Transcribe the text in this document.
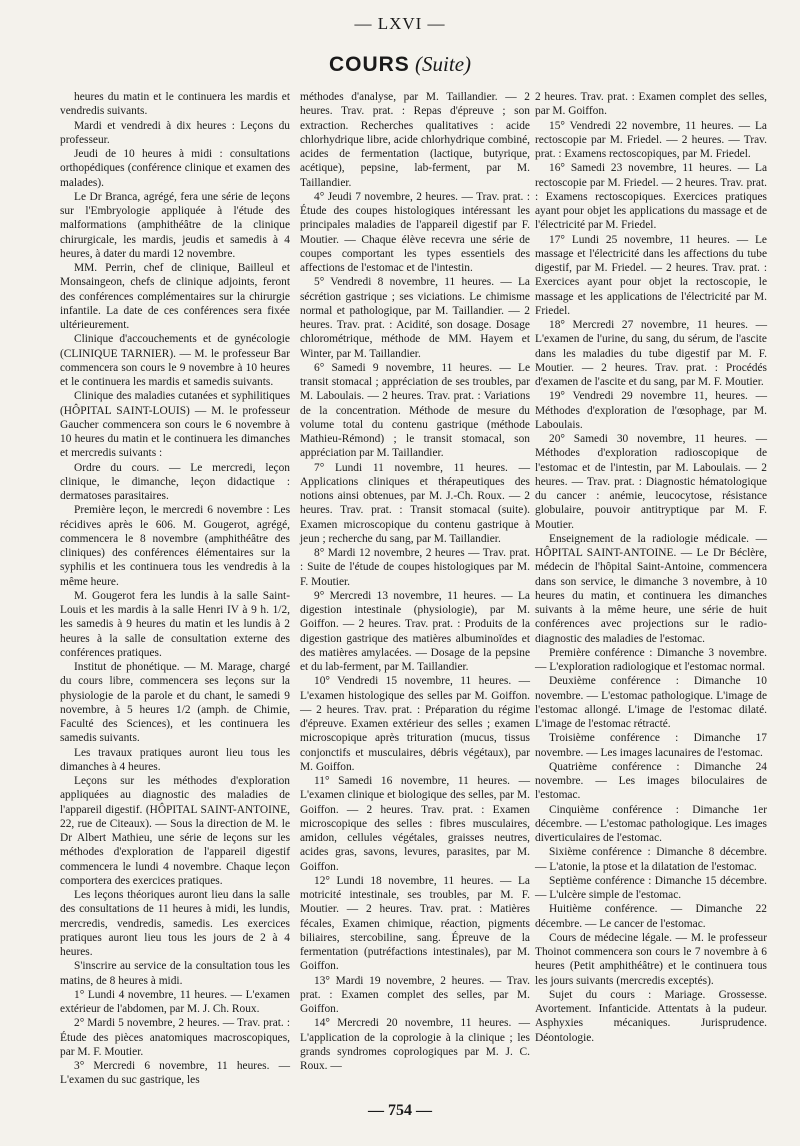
— LXVI —
COURS (Suite)

heures du matin et le continuera les mardis et vendredis suivants.

Mardi et vendredi à dix heures : Leçons du professeur.

Jeudi de 10 heures à midi : consultations orthopédiques (conférence clinique et examen des malades).

Le Dr Branca, agrégé, fera une série de leçons sur l'Embryologie appliquée à l'étude des malformations (amphithéâtre de la clinique chirurgicale, les mardis, jeudis et samedis à 4 heures, à dater du mardi 12 novembre.

MM. Perrin, chef de clinique, Bailleul et Monsaingeon, chefs de clinique adjoints, feront des conférences complémentaires sur la chirurgie infantile. La date de ces conférences sera fixée ultérieurement.

Clinique d'accouchements et de gynécologie (CLINIQUE TARNIER). — M. le professeur Bar commencera son cours le 9 novembre à 10 heures et le continuera les mardis et samedis suivants.

Clinique des maladies cutanées et syphilitiques (HÔPITAL SAINT-LOUIS) — M. le professeur Gaucher commencera son cours le 6 novembre à 10 heures du matin et le continuera les dimanches et mercredis suivants :

Ordre du cours. — Le mercredi, leçon clinique, le dimanche, leçon didactique : dermatoses parasitaires.

Première leçon, le mercredi 6 novembre : Les récidives après le 606. M. Gougerot, agrégé, commencera le 8 novembre (amphithéâtre des cliniques) des conférences élémentaires sur la syphilis et les continuera tous les vendredis à la même heure.

M. Gougerot fera les lundis à la salle Saint-Louis et les mardis à la salle Henri IV à 9 h. 1/2, les samedis à 9 heures du matin et les lundis à 2 heures à la salle de consultation externe des conférences pratiques.

Institut de phonétique. — M. Marage, chargé du cours libre, commencera ses leçons sur la physiologie de la parole et du chant, le samedi 9 novembre, à 5 heures 1/2 (amph. de Chimie, Faculté des Sciences), et les continuera les samedis suivants.

Les travaux pratiques auront lieu tous les dimanches à 4 heures.

Leçons sur les méthodes d'exploration appliquées au diagnostic des maladies de l'appareil digestif. (HÔPITAL SAINT-ANTOINE, 22, rue de Citeaux). — Sous la direction de M. le Dr Albert Mathieu, une série de leçons sur les méthodes d'exploration de l'appareil digestif commencera le lundi 4 novembre. Chaque leçon comportera des exercices pratiques.

Les leçons théoriques auront lieu dans la salle des consultations de 11 heures à midi, les lundis, mercredis, vendredis, samedis. Les exercices pratiques auront lieu tous les jours de 2 à 4 heures.

S'inscrire au service de la consultation tous les matins, de 8 heures à midi.

1° Lundi 4 novembre, 11 heures. — L'examen extérieur de l'abdomen, par M. J. Ch. Roux.

2° Mardi 5 novembre, 2 heures. — Trav. prat. : Étude des pièces anatomiques macroscopiques, par M. F. Moutier.

3° Mercredi 6 novembre, 11 heures. — L'examen du suc gastrique, les

méthodes d'analyse, par M. Taillandier. — 2 heures. Trav. prat. : Repas d'épreuve ; son extraction. Recherches qualitatives : acide chlorhydrique libre, acide chlorhydrique combiné, acides de fermentation (lactique, butyrique, acétique), pepsine, lab-ferment, par M. Taillandier.

4° Jeudi 7 novembre, 2 heures. — Trav. prat. : Étude des coupes histologiques intéressant les principales maladies de l'appareil digestif par F. Moutier. — Chaque élève recevra une série de coupes comportant les types essentiels des affections de l'estomac et de l'intestin.

5° Vendredi 8 novembre, 11 heures. — La sécrétion gastrique ; ses viciations. Le chimisme normal et pathologique, par M. Taillandier. — 2 heures. Trav. prat. : Acidité, son dosage. Dosage chlorométrique, méthode de MM. Hayem et Winter, par M. Taillandier.

6° Samedi 9 novembre, 11 heures. — Le transit stomacal ; appréciation de ses troubles, par M. Laboulais. — 2 heures. Trav. prat. : Variations de la concentration. Méthode de mesure du volume total du contenu gastrique (méthode Mathieu-Rémond) ; le transit stomacal, son appréciation par M. Taillandier.

7° Lundi 11 novembre, 11 heures. — Applications cliniques et thérapeutiques des notions ainsi obtenues, par M. J.-Ch. Roux. — 2 heures. Trav. prat. : Transit stomacal (suite). Examen microscopique du contenu gastrique à jeun ; recherche du sang, par M. Taillandier.

8° Mardi 12 novembre, 2 heures — Trav. prat. : Suite de l'étude de coupes histologiques par M. F. Moutier.

9° Mercredi 13 novembre, 11 heures. — La digestion intestinale (physiologie), par M. Goiffon. — 2 heures. Trav. prat. : Produits de la digestion gastrique des matières albuminoïdes et des matières amylacées. — Dosage de la pepsine et du lab-ferment, par M. Taillandier.

10° Vendredi 15 novembre, 11 heures. — L'examen histologique des selles par M. Goiffon. — 2 heures. Trav. prat. : Préparation du régime d'épreuve. Examen extérieur des selles ; examen microscopique après trituration (mucus, tissus conjonctifs et musculaires, débris végétaux), par M. Goiffon.

11° Samedi 16 novembre, 11 heures. — L'examen clinique et biologique des selles, par M. Goiffon. — 2 heures. Trav. prat. : Examen microscopique des selles : fibres musculaires, amidon, cellules végétales, graisses neutres, acides gras, savons, levures, parasites, par M. Goiffon.

12° Lundi 18 novembre, 11 heures. — La motricité intestinale, ses troubles, par M. F. Moutier. — 2 heures. Trav. prat. : Matières fécales, Examen chimique, réaction, pigments biliaires, stercobiline, sang. Épreuve de la fermentation (putréfactions intestinales), par M. Goiffon.

13° Mardi 19 novembre, 2 heures. — Trav. prat. : Examen complet des selles, par M. Goiffon.

14° Mercredi 20 novembre, 11 heures. — L'application de la coprologie à la clinique ; les grands syndromes coprologiques par M. J. C. Roux. —

2 heures. Trav. prat. : Examen complet des selles, par M. Goiffon.

15° Vendredi 22 novembre, 11 heures. — La rectoscopie par M. Friedel. — 2 heures. — Trav. prat. : Examens rectoscopiques, par M. Friedel.

16° Samedi 23 novembre, 11 heures. — La rectoscopie par M. Friedel. — 2 heures. Trav. prat. : Examens rectoscopiques. Exercices pratiques ayant pour objet les applications du massage et de l'électricité par M. Friedel.

17° Lundi 25 novembre, 11 heures. — Le massage et l'électricité dans les affections du tube digestif, par M. Friedel. — 2 heures. Trav. prat. : Exercices ayant pour objet la rectoscopie, le massage et les applications de l'électricité par M. Friedel.

18° Mercredi 27 novembre, 11 heures. — L'examen de l'urine, du sang, du sérum, de l'ascite dans les maladies du tube digestif par M. F. Moutier. — 2 heures. Trav. prat. : Procédés d'examen de l'ascite et du sang, par M. F. Moutier.

19° Vendredi 29 novembre 11, heures. — Méthodes d'exploration de l'œsophage, par M. Laboulais.

20° Samedi 30 novembre, 11 heures. — Méthodes d'exploration radioscopique de l'estomac et de l'intestin, par M. Laboulais. — 2 heures. — Trav. prat. : Diagnostic hématologique du cancer : anémie, leucocytose, résistance globulaire, pouvoir antitryptique par M. F. Moutier.

Enseignement de la radiologie médicale. — HÔPITAL SAINT-ANTOINE. — Le Dr Béclère, médecin de l'hôpital Saint-Antoine, commencera dans son service, le dimanche 3 novembre, à 10 heures du matin, et continuera les dimanches suivants à la même heure, une série de huit conférences avec projections sur le radio-diagnostic des maladies de l'estomac.

Première conférence : Dimanche 3 novembre. — L'exploration radiologique et l'estomac normal.

Deuxième conférence : Dimanche 10 novembre. — L'estomac pathologique. L'image de l'estomac allongé. L'image de l'estomac dilaté. L'image de l'estomac rétracté.

Troisième conférence : Dimanche 17 novembre. — Les images lacunaires de l'estomac.

Quatrième conférence : Dimanche 24 novembre. — Les images biloculaires de l'estomac.

Cinquième conférence : Dimanche 1er décembre. — L'estomac pathologique. Les images diverticulaires de l'estomac.

Sixième conférence : Dimanche 8 décembre. — L'atonie, la ptose et la dilatation de l'estomac.

Septième conférence : Dimanche 15 décembre. — L'ulcère simple de l'estomac.

Huitième conférence. — Dimanche 22 décembre. — Le cancer de l'estomac.

Cours de médecine légale. — M. le professeur Thoinot commencera son cours le 7 novembre à 6 heures (Petit amphithéâtre) et le continuera tous les jours suivants (mercredis exceptés).

Sujet du cours : Mariage. Grossesse. Avortement. Infanticide. Attentats à la pudeur. Asphyxies mécaniques. Jurisprudence. Déontologie.

— 754 —
